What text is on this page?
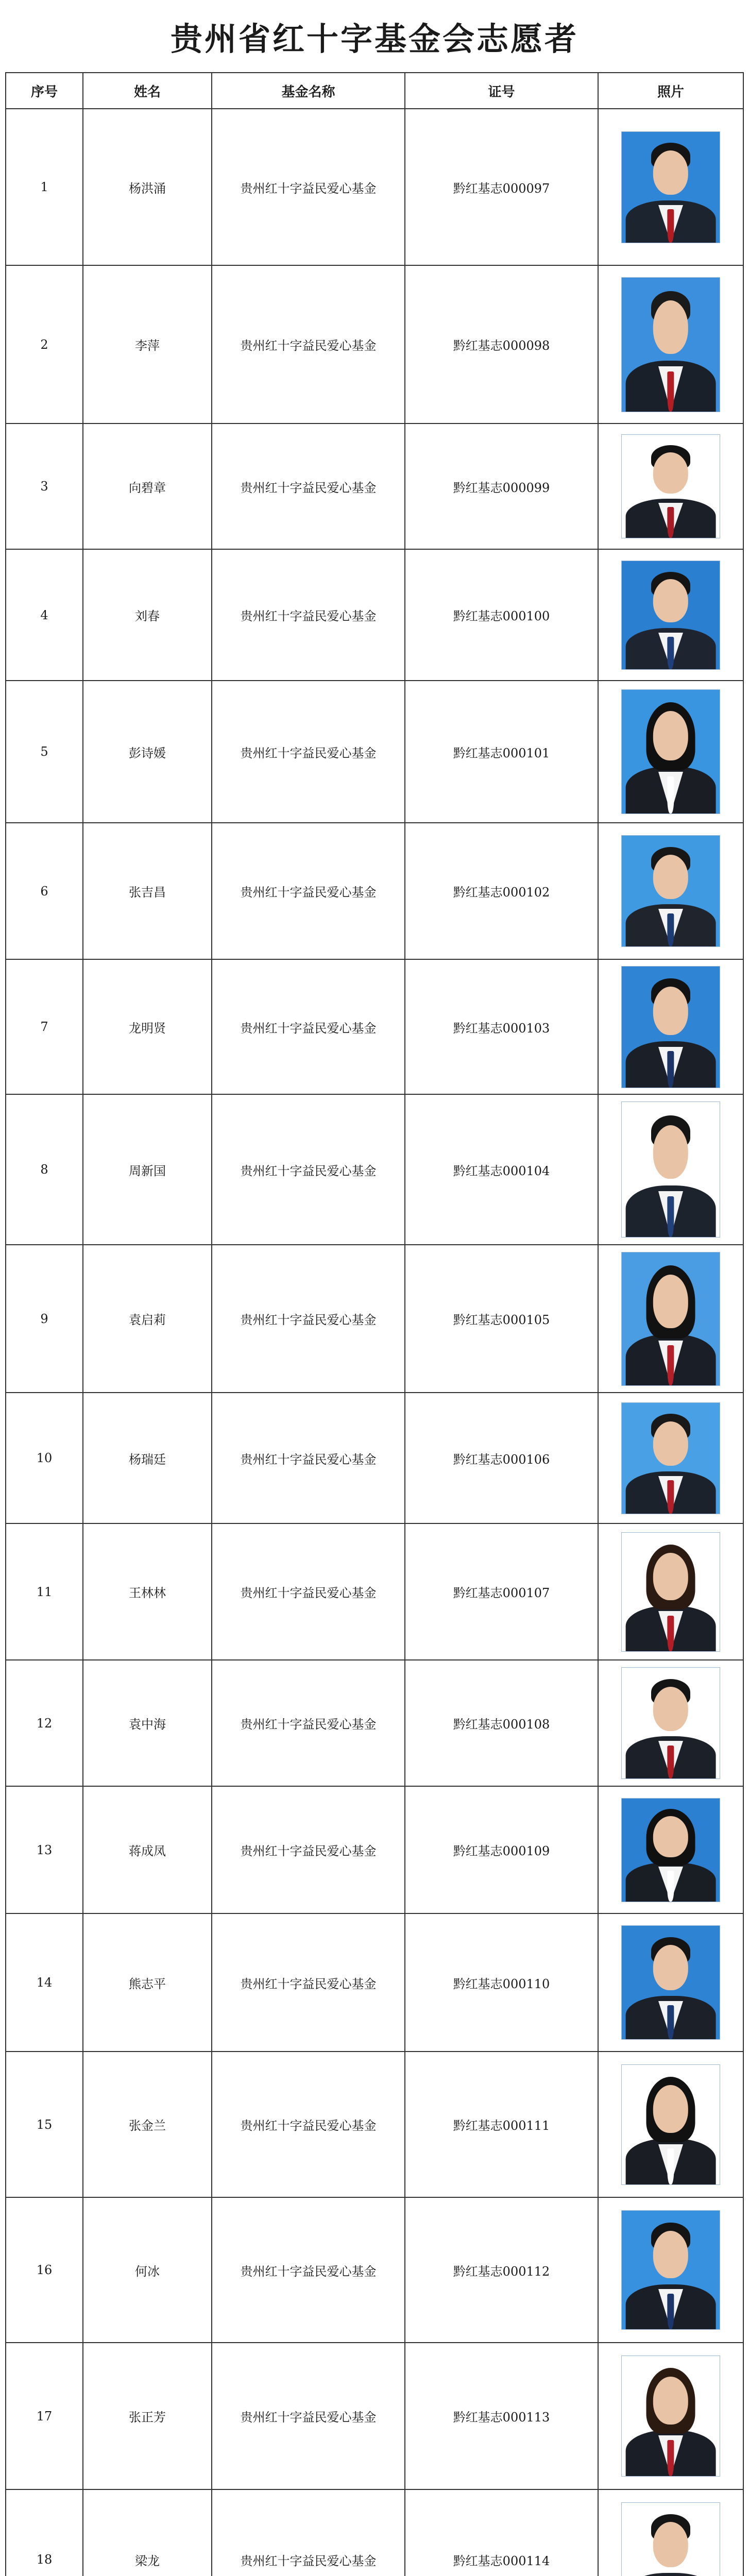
贵州省红十字基金会志愿者
序号	姓名	基金名称	证号	照片
1	杨洪涌	贵州红十字益民爱心基金	黔红基志000097	

2	李萍	贵州红十字益民爱心基金	黔红基志000098	

3	向碧章	贵州红十字益民爱心基金	黔红基志000099	

4	刘春	贵州红十字益民爱心基金	黔红基志000100	

5	彭诗媛	贵州红十字益民爱心基金	黔红基志000101	

6	张吉昌	贵州红十字益民爱心基金	黔红基志000102	

7	龙明贤	贵州红十字益民爱心基金	黔红基志000103	

8	周新国	贵州红十字益民爱心基金	黔红基志000104	

9	袁启莉	贵州红十字益民爱心基金	黔红基志000105	

10	杨瑞廷	贵州红十字益民爱心基金	黔红基志000106	

11	王林林	贵州红十字益民爱心基金	黔红基志000107	

12	袁中海	贵州红十字益民爱心基金	黔红基志000108	

13	蒋成凤	贵州红十字益民爱心基金	黔红基志000109	

14	熊志平	贵州红十字益民爱心基金	黔红基志000110	

15	张金兰	贵州红十字益民爱心基金	黔红基志000111	

16	何冰	贵州红十字益民爱心基金	黔红基志000112	

17	张正芳	贵州红十字益民爱心基金	黔红基志000113	

18	梁龙	贵州红十字益民爱心基金	黔红基志000114	
